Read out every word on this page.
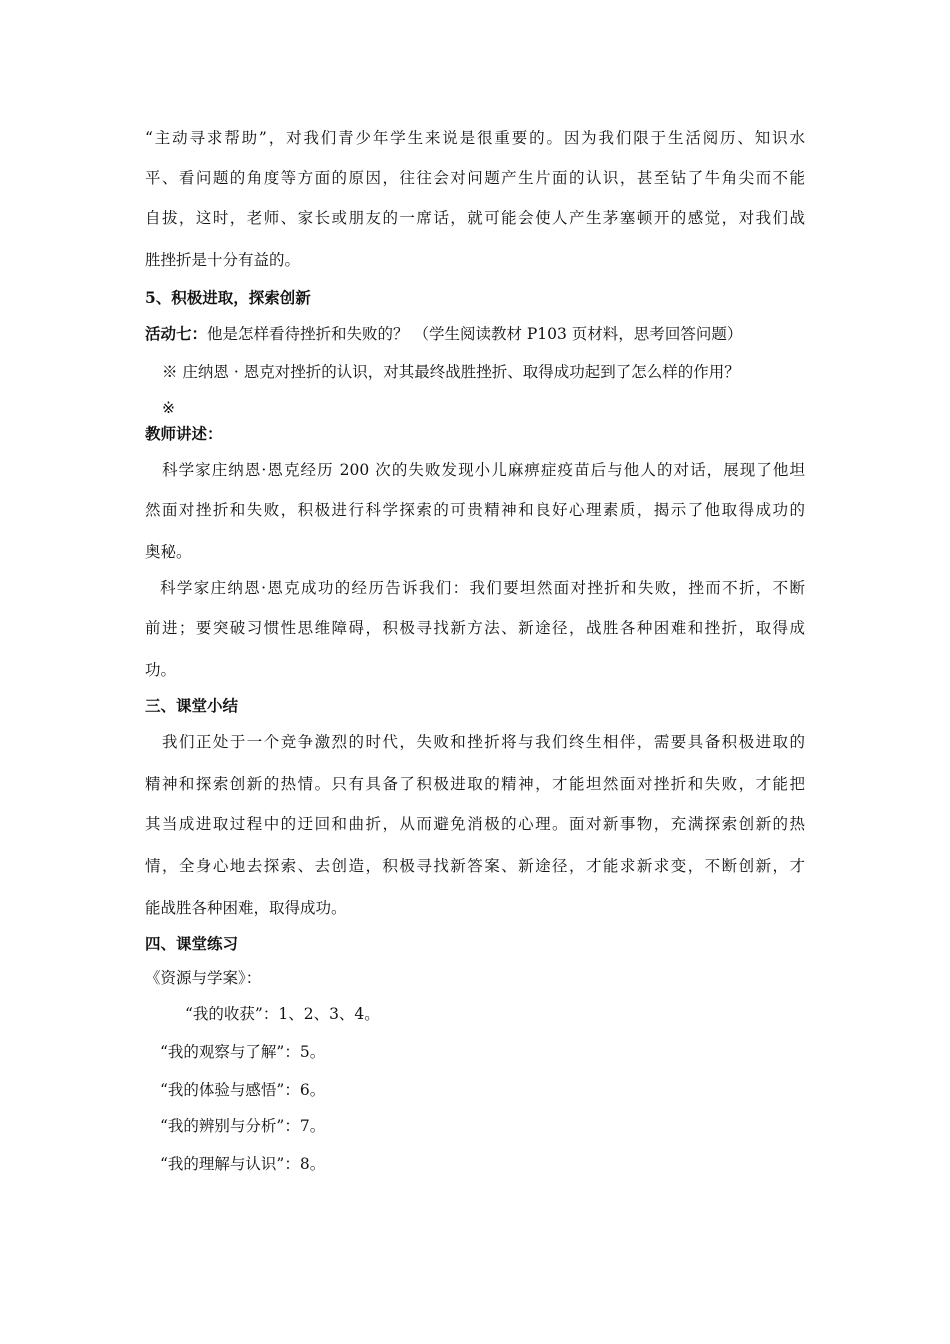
“主动寻求帮助”，对我们青少年学生来说是很重要的。因为我们限于生活阅历、知识水
平、看问题的角度等方面的原因，往往会对问题产生片面的认识，甚至钻了牛角尖而不能
自拔，这时，老师、家长或朋友的一席话，就可能会使人产生茅塞顿开的感觉，对我们战
胜挫折是十分有益的。
5、积极进取，探索创新
活动七：他是怎样看待挫折和失败的？ （学生阅读教材 P103 页材料，思考回答问题）
※ 庄纳恩 · 恩克对挫折的认识，对其最终战胜挫折、取得成功起到了怎么样的作用？
※
教师讲述：
科学家庄纳恩·恩克经历 200 次的失败发现小儿麻痹症疫苗后与他人的对话，展现了他坦
然面对挫折和失败，积极进行科学探索的可贵精神和良好心理素质，揭示了他取得成功的
奥秘。
科学家庄纳恩·恩克成功的经历告诉我们：我们要坦然面对挫折和失败，挫而不折，不断
前进；要突破习惯性思维障碍，积极寻找新方法、新途径，战胜各种困难和挫折，取得成
功。
三、课堂小结
我们正处于一个竞争激烈的时代，失败和挫折将与我们终生相伴，需要具备积极进取的
精神和探索创新的热情。只有具备了积极进取的精神，才能坦然面对挫折和失败，才能把
其当成进取过程中的迂回和曲折，从而避免消极的心理。面对新事物，充满探索创新的热
情，全身心地去探索、去创造，积极寻找新答案、新途径，才能求新求变，不断创新，才
能战胜各种困难，取得成功。
四、课堂练习
《资源与学案》：
“我的收获”：1、2、3、4。
“我的观察与了解”：5。
“我的体验与感悟”：6。
“我的辨别与分析”：7。
“我的理解与认识”：8。
